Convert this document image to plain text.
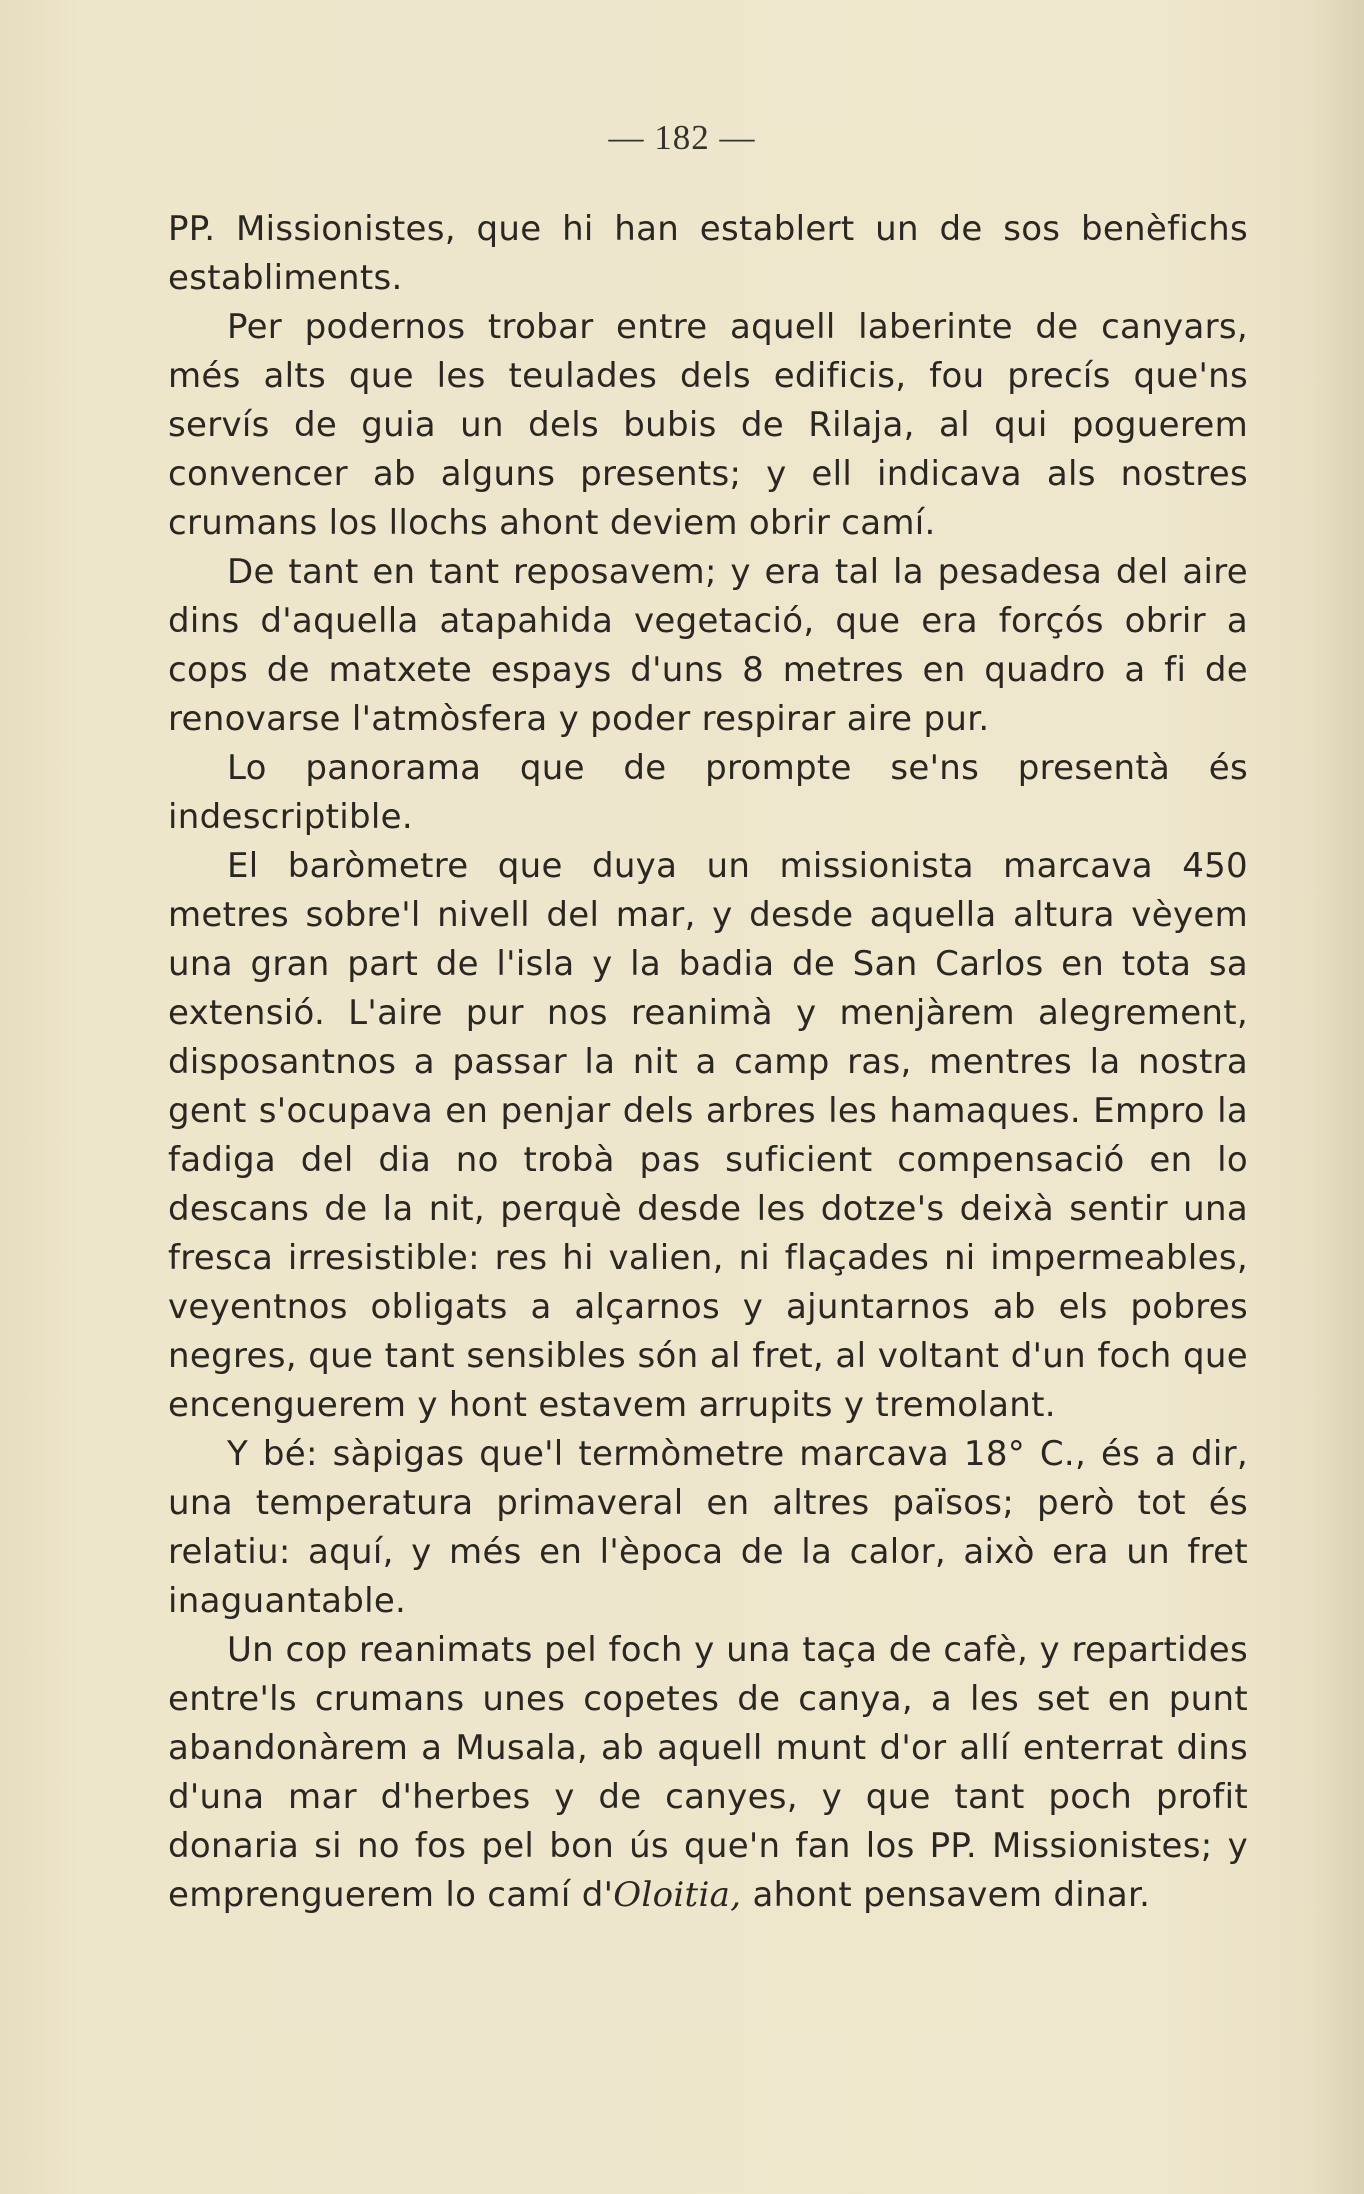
— 182 —

PP. Missionistes, que hi han establert un de sos benèfichs establiments.

Per podernos trobar entre aquell laberinte de canyars, més alts que les teulades dels edificis, fou precís que'ns servís de guia un dels bubis de Rilaja, al qui poguerem convencer ab alguns presents; y ell indicava als nostres crumans los llochs ahont deviem obrir camí.

De tant en tant reposavem; y era tal la pesadesa del aire dins d'aquella atapahida vegetació, que era forçós obrir a cops de matxete espays d'uns 8 metres en quadro a fi de renovarse l'atmòsfera y poder respirar aire pur.

Lo panorama que de prompte se'ns presentà és indescriptible.

El baròmetre que duya un missionista marcava 450 metres sobre'l nivell del mar, y desde aquella altura vèyem una gran part de l'isla y la badia de San Carlos en tota sa extensió. L'aire pur nos reanimà y menjàrem alegrement, disposantnos a passar la nit a camp ras, mentres la nostra gent s'ocupava en penjar dels arbres les hamaques. Empro la fadiga del dia no trobà pas suficient compensació en lo descans de la nit, perquè desde les dotze's deixà sentir una fresca irresistible: res hi valien, ni flaçades ni impermeables, veyentnos obligats a alçarnos y ajuntarnos ab els pobres negres, que tant sensibles són al fret, al voltant d'un foch que encenguerem y hont estavem arrupits y tremolant.

Y bé: sàpigas que'l termòmetre marcava 18° C., és a dir, una temperatura primaveral en altres països; però tot és relatiu: aquí, y més en l'època de la calor, això era un fret inaguantable.

Un cop reanimats pel foch y una taça de cafè, y repartides entre'ls crumans unes copetes de canya, a les set en punt abandonàrem a Musala, ab aquell munt d'or allí enterrat dins d'una mar d'herbes y de canyes, y que tant poch profit donaria si no fos pel bon ús que'n fan los PP. Missionistes; y emprenguerem lo camí d'Oloitia, ahont pensavem dinar.
